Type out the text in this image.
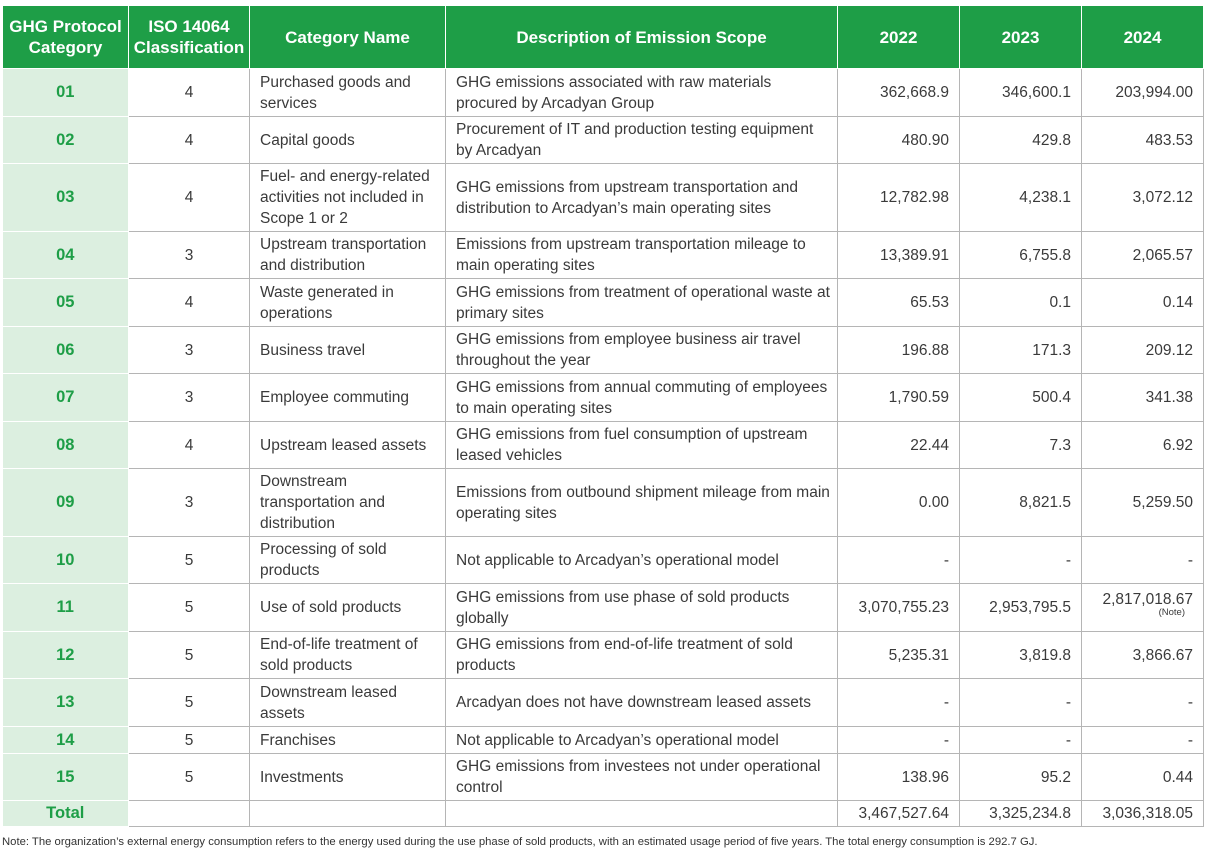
GHG Protocol Category	ISO 14064 Classification	Category Name	Description of Emission Scope	2022	2023	2024
01	4	Purchased goods and services	GHG emissions associated with raw materials procured by Arcadyan Group	362,668.9	346,600.1	203,994.00
02	4	Capital goods	Procurement of IT and production testing equipment by Arcadyan	480.90	429.8	483.53
03	4	Fuel- and energy-related activities not included in Scope 1 or 2	GHG emissions from upstream transportation and distribution to Arcadyan’s main operating sites	12,782.98	4,238.1	3,072.12
04	3	Upstream transportation and distribution	Emissions from upstream transportation mileage to main operating sites	13,389.91	6,755.8	2,065.57
05	4	Waste generated in operations	GHG emissions from treatment of operational waste at primary sites	65.53	0.1	0.14
06	3	Business travel	GHG emissions from employee business air travel throughout the year	196.88	171.3	209.12
07	3	Employee commuting	GHG emissions from annual commuting of employees to main operating sites	1,790.59	500.4	341.38
08	4	Upstream leased assets	GHG emissions from fuel consumption of upstream leased vehicles	22.44	7.3	6.92
09	3	Downstream transportation and distribution	Emissions from outbound shipment mileage from main operating sites	0.00	8,821.5	5,259.50
10	5	Processing of sold products	Not applicable to Arcadyan’s operational model	-	-	-
11	5	Use of sold products	GHG emissions from use phase of sold products globally	3,070,755.23	2,953,795.5	2,817,018.67
(Note)

12	5	End-of-life treatment of sold products	GHG emissions from end-of-life treatment of sold products	5,235.31	3,819.8	3,866.67
13	5	Downstream leased assets	Arcadyan does not have downstream leased assets	-	-	-
14	5	Franchises	Not applicable to Arcadyan’s operational model	-	-	-
15	5	Investments	GHG emissions from investees not under operational control	138.96	95.2	0.44
Total				3,467,527.64	3,325,234.8	3,036,318.05
Note: The organization’s external energy consumption refers to the energy used during the use phase of sold products, with an estimated usage period of five years. The total energy consumption is 292.7 GJ.
